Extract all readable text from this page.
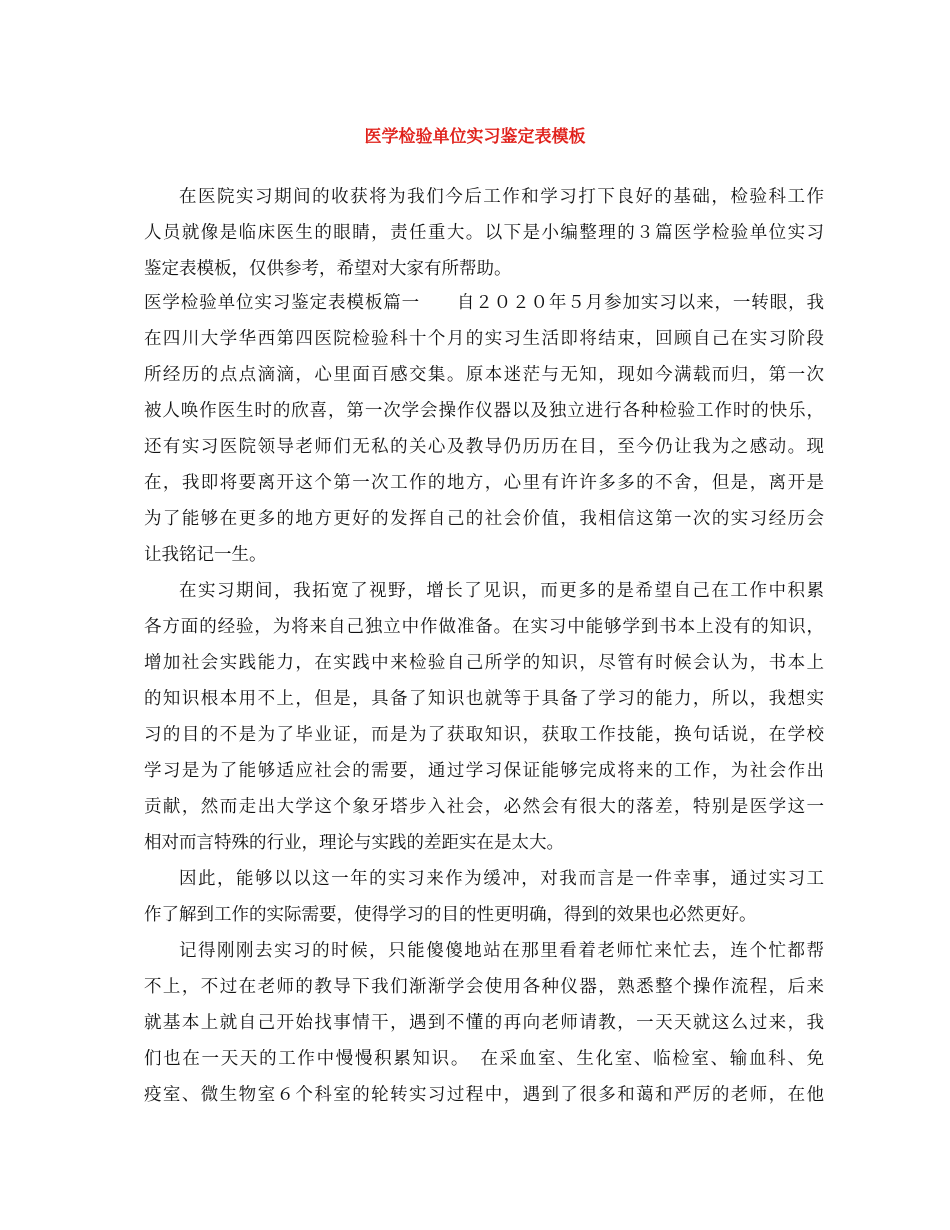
医学检验单位实习鉴定表模板

在医院实习期间的收获将为我们今后工作和学习打下良好的基础，检验科工作

人员就像是临床医生的眼睛，责任重大。以下是小编整理的３篇医学检验单位实习

鉴定表模板，仅供参考，希望对大家有所帮助。

医学检验单位实习鉴定表模板篇一　　自２０２０年５月参加实习以来，一转眼，我

在四川大学华西第四医院检验科十个月的实习生活即将结束，回顾自己在实习阶段

所经历的点点滴滴，心里面百感交集。原本迷茫与无知，现如今满载而归，第一次

被人唤作医生时的欣喜，第一次学会操作仪器以及独立进行各种检验工作时的快乐，

还有实习医院领导老师们无私的关心及教导仍历历在目，至今仍让我为之感动。现

在，我即将要离开这个第一次工作的地方，心里有许许多多的不舍，但是，离开是

为了能够在更多的地方更好的发挥自己的社会价值，我相信这第一次的实习经历会

让我铭记一生。

在实习期间，我拓宽了视野，增长了见识，而更多的是希望自己在工作中积累

各方面的经验，为将来自己独立中作做准备。在实习中能够学到书本上没有的知识，

增加社会实践能力，在实践中来检验自己所学的知识，尽管有时候会认为，书本上

的知识根本用不上，但是，具备了知识也就等于具备了学习的能力，所以，我想实

习的目的不是为了毕业证，而是为了获取知识，获取工作技能，换句话说，在学校

学习是为了能够适应社会的需要，通过学习保证能够完成将来的工作，为社会作出

贡献，然而走出大学这个象牙塔步入社会，必然会有很大的落差，特别是医学这一

相对而言特殊的行业，理论与实践的差距实在是太大。

因此，能够以以这一年的实习来作为缓冲，对我而言是一件幸事，通过实习工

作了解到工作的实际需要，使得学习的目的性更明确，得到的效果也必然更好。

记得刚刚去实习的时候，只能傻傻地站在那里看着老师忙来忙去，连个忙都帮

不上，不过在老师的教导下我们渐渐学会使用各种仪器，熟悉整个操作流程，后来

就基本上就自己开始找事情干，遇到不懂的再向老师请教，一天天就这么过来，我

们也在一天天的工作中慢慢积累知识。　在采血室、生化室、临检室、输血科、免

疫室、微生物室６个科室的轮转实习过程中，遇到了很多和蔼和严厉的老师，在他
